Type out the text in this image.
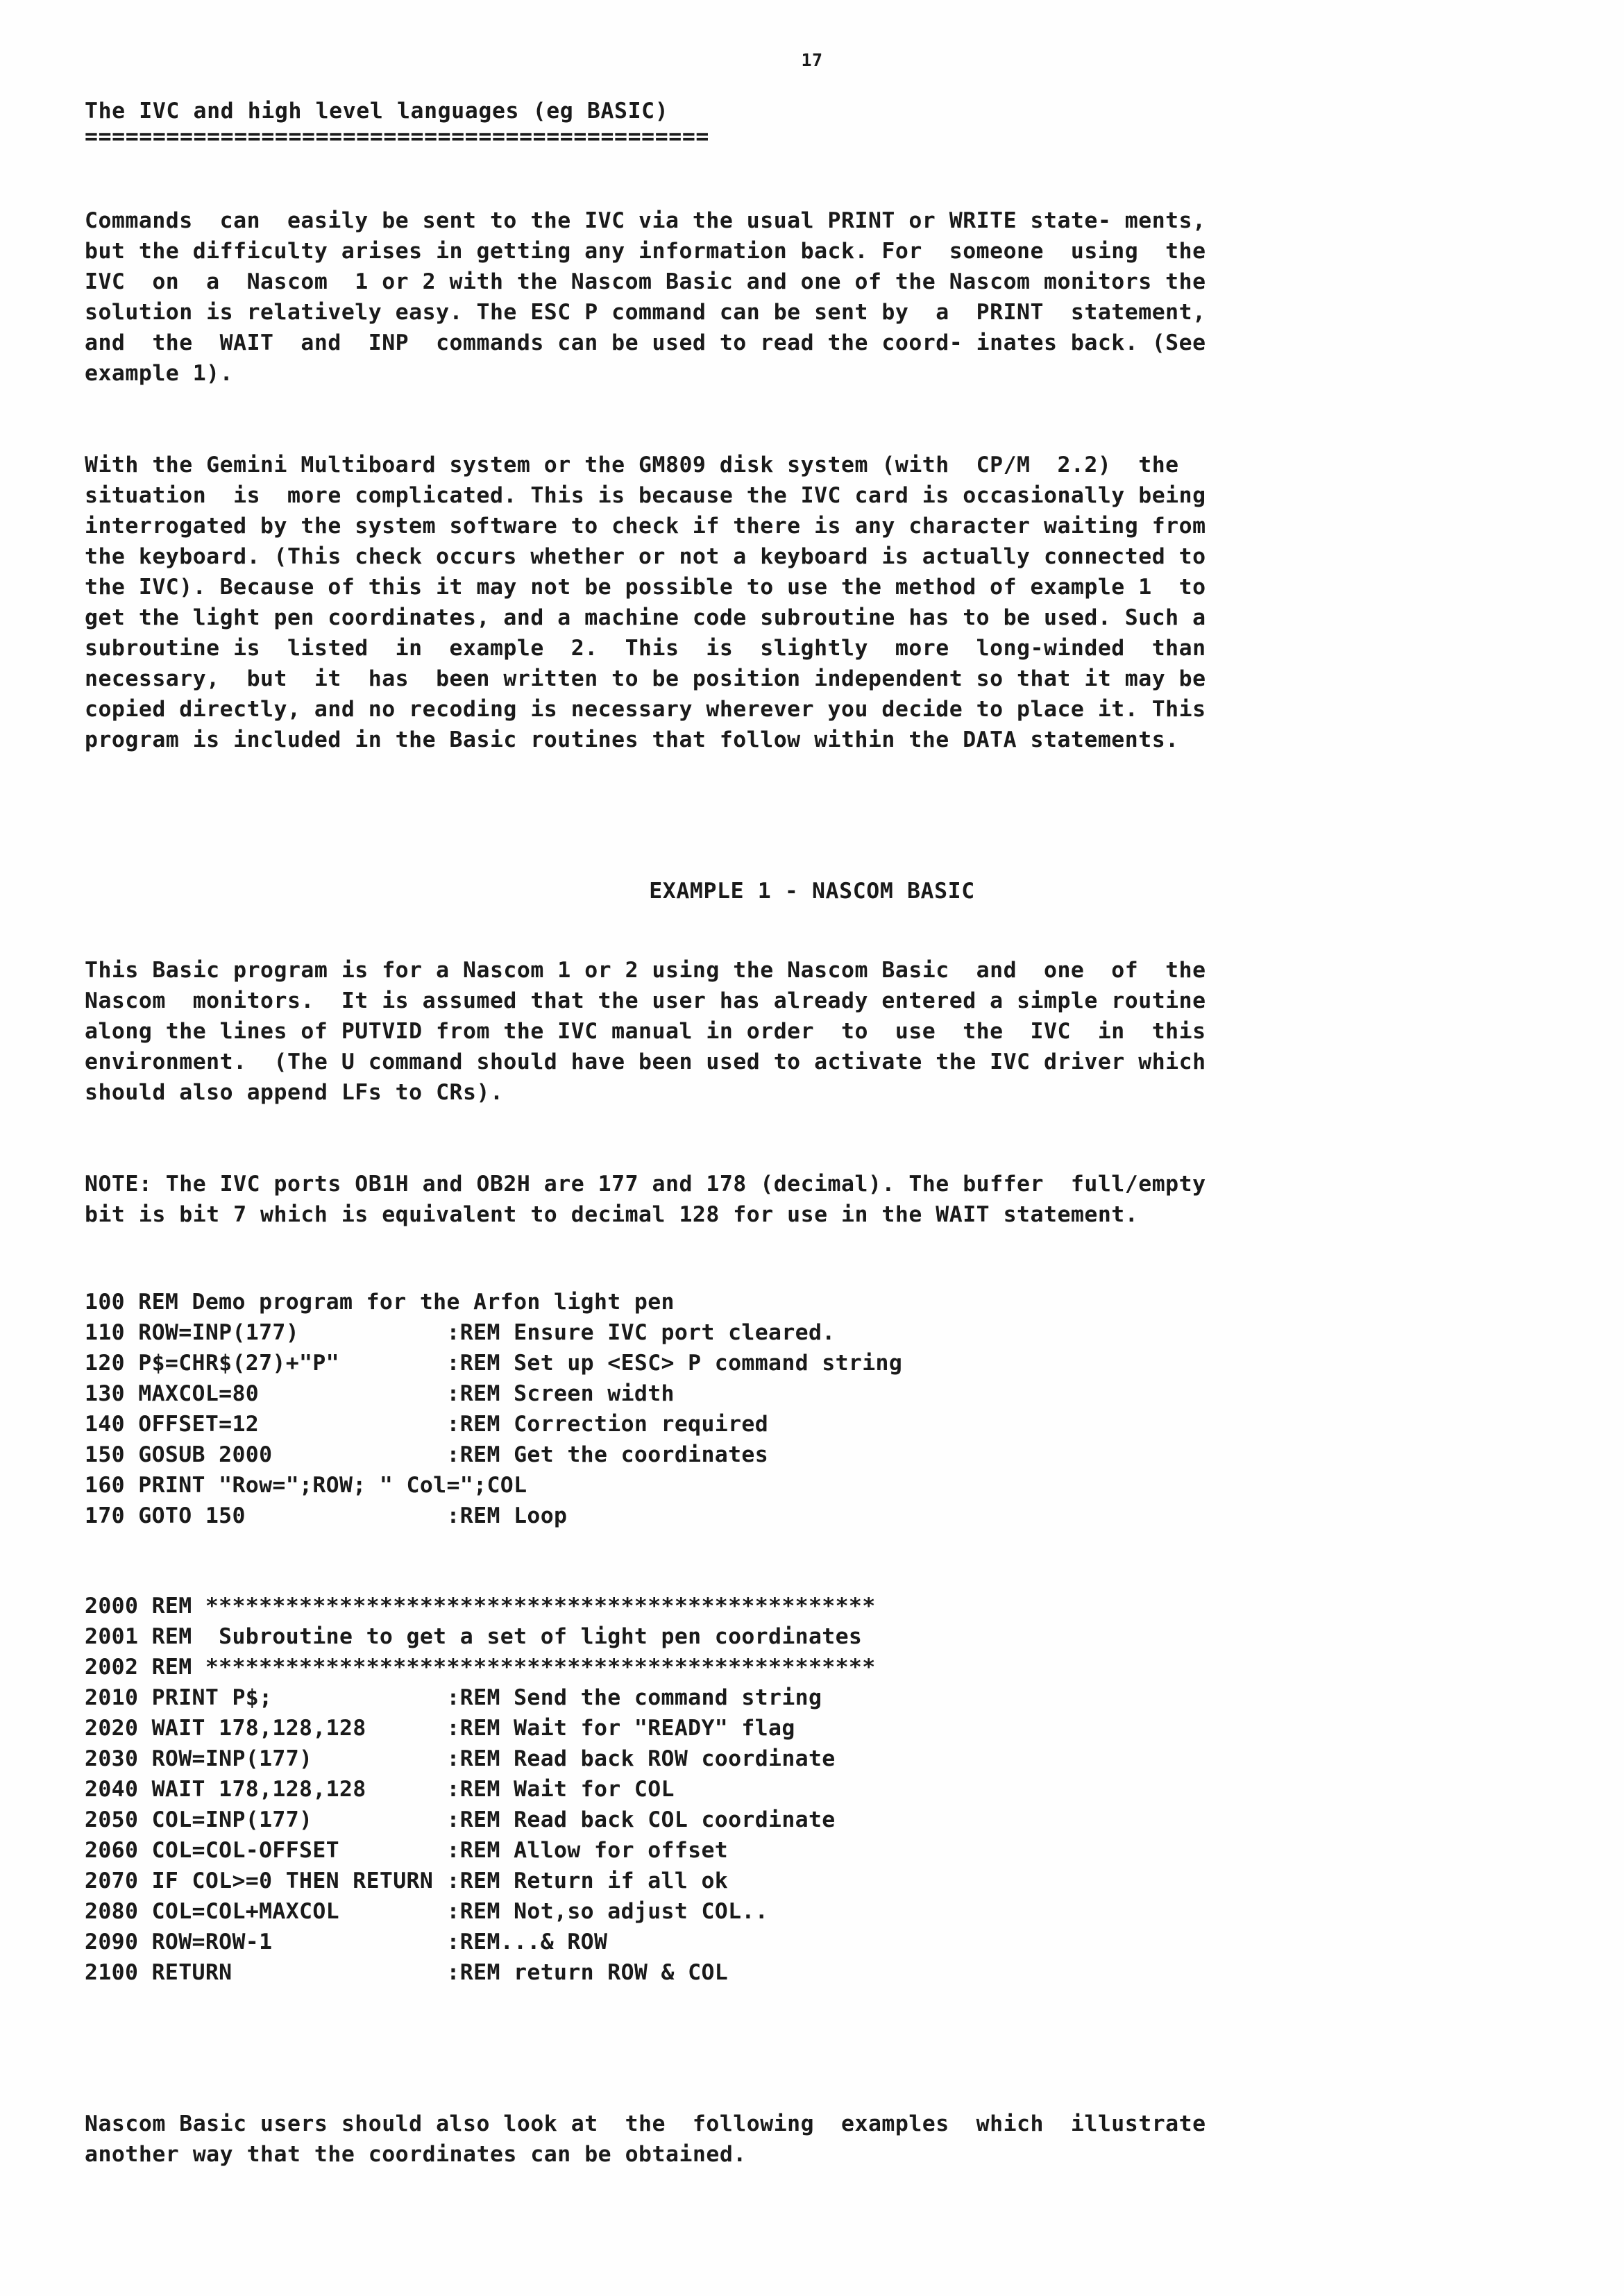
17
The IVC and high level languages (eg BASIC)
==============================================
Commands  can  easily be sent to the IVC via the usual PRINT or WRITE state- ments,
but the difficulty arises in getting any information back. For  someone  using  the
IVC  on  a  Nascom  1 or 2 with the Nascom Basic and one of the Nascom monitors the
solution is relatively easy. The ESC P command can be sent by  a  PRINT  statement,
and  the  WAIT  and  INP  commands can be used to read the coord- inates back. (See
example 1).
With the Gemini Multiboard system or the GM809 disk system (with  CP/M  2.2)  the
situation  is  more complicated. This is because the IVC card is occasionally being
interrogated by the system software to check if there is any character waiting from
the keyboard. (This check occurs whether or not a keyboard is actually connected to
the IVC). Because of this it may not be possible to use the method of example 1  to
get the light pen coordinates, and a machine code subroutine has to be used. Such a
subroutine is  listed  in  example  2.  This  is  slightly  more  long-winded  than
necessary,  but  it  has  been written to be position independent so that it may be
copied directly, and no recoding is necessary wherever you decide to place it. This
program is included in the Basic routines that follow within the DATA statements.
EXAMPLE 1 - NASCOM BASIC
This Basic program is for a Nascom 1 or 2 using the Nascom Basic  and  one  of  the
Nascom  monitors.  It is assumed that the user has already entered a simple routine
along the lines of PUTVID from the IVC manual in order  to  use  the  IVC  in  this
environment.  (The U command should have been used to activate the IVC driver which
should also append LFs to CRs).
NOTE: The IVC ports OB1H and OB2H are 177 and 178 (decimal). The buffer  full/empty
bit is bit 7 which is equivalent to decimal 128 for use in the WAIT statement.
100 REM Demo program for the Arfon light pen
110 ROW=INP(177)           :REM Ensure IVC port cleared.
120 P$=CHR$(27)+"P"        :REM Set up <ESC> P command string
130 MAXCOL=80              :REM Screen width
140 OFFSET=12              :REM Correction required
150 GOSUB 2000             :REM Get the coordinates
160 PRINT "Row=";ROW; " Col=";COL
170 GOTO 150               :REM Loop
2000 REM **************************************************
2001 REM  Subroutine to get a set of light pen coordinates
2002 REM **************************************************
2010 PRINT P$;             :REM Send the command string
2020 WAIT 178,128,128      :REM Wait for "READY" flag
2030 ROW=INP(177)          :REM Read back ROW coordinate
2040 WAIT 178,128,128      :REM Wait for COL
2050 COL=INP(177)          :REM Read back COL coordinate
2060 COL=COL-OFFSET        :REM Allow for offset
2070 IF COL>=0 THEN RETURN :REM Return if all ok
2080 COL=COL+MAXCOL        :REM Not,so adjust COL..
2090 ROW=ROW-1             :REM...& ROW
2100 RETURN                :REM return ROW & COL
Nascom Basic users should also look at  the  following  examples  which  illustrate
another way that the coordinates can be obtained.
